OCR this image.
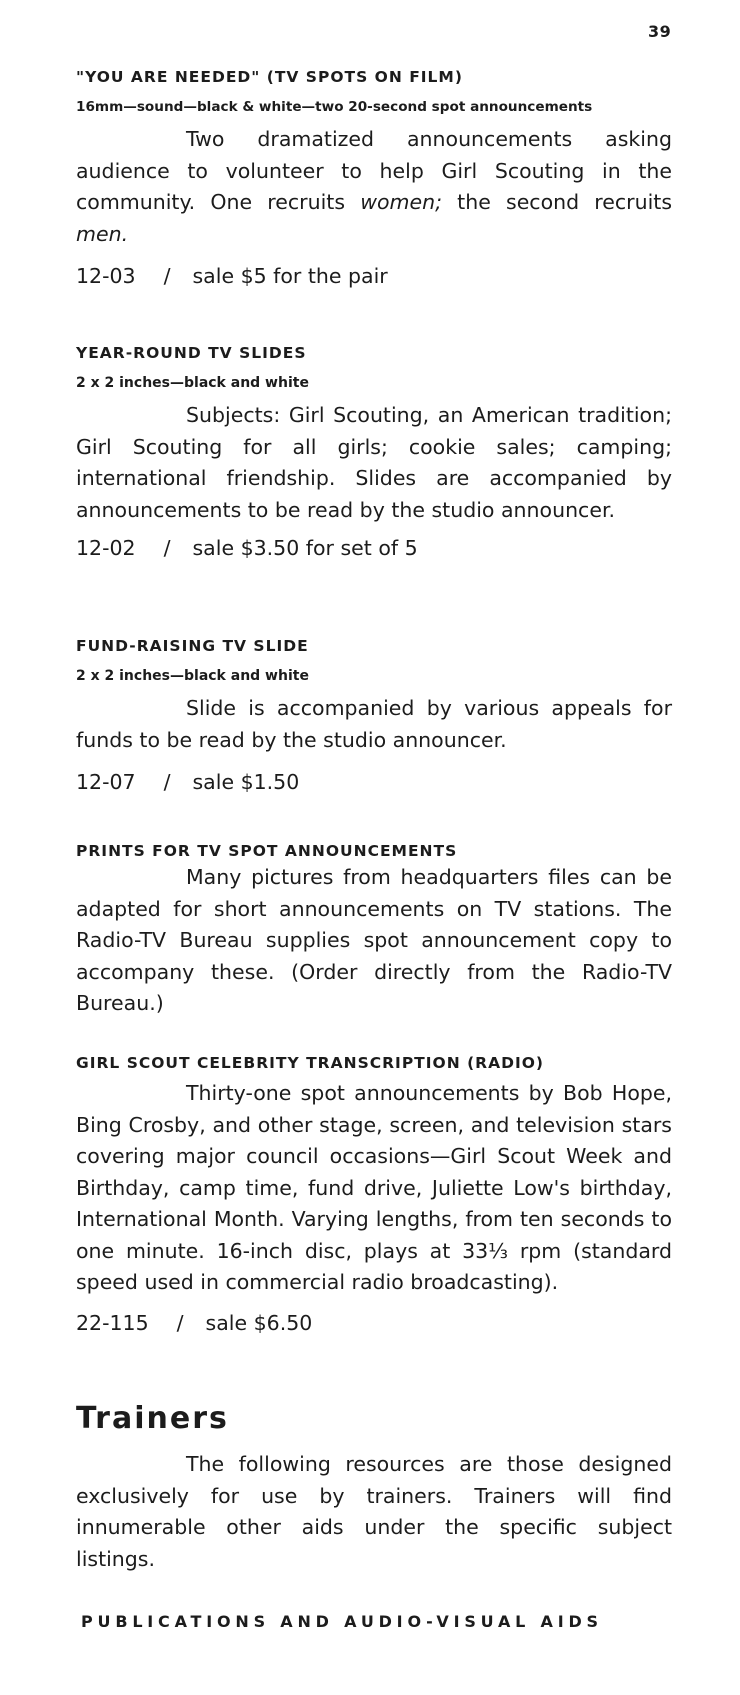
39
"YOU ARE NEEDED" (TV SPOTS ON FILM)
16mm—sound—black & white—two 20-second spot announcements

Two dramatized announcements asking audience to volunteer to help Girl Scouting in the community. One recruits women; the second recruits men.

12-03 / sale $5 for the pair
YEAR-ROUND TV SLIDES
2 x 2 inches—black and white

Subjects: Girl Scouting, an American tradition; Girl Scouting for all girls; cookie sales; camping; international friendship. Slides are accompanied by announcements to be read by the studio announcer.

12-02 / sale $3.50 for set of 5
FUND-RAISING TV SLIDE
2 x 2 inches—black and white

Slide is accompanied by various appeals for funds to be read by the studio announcer.

12-07 / sale $1.50
PRINTS FOR TV SPOT ANNOUNCEMENTS

Many pictures from headquarters files can be adapted for short announcements on TV stations. The Radio-TV Bureau supplies spot announcement copy to accompany these. (Order directly from the Radio-TV Bureau.)

GIRL SCOUT CELEBRITY TRANSCRIPTION (RADIO)

Thirty-one spot announcements by Bob Hope, Bing Crosby, and other stage, screen, and television stars covering major council occasions—Girl Scout Week and Birthday, camp time, fund drive, Juliette Low's birthday, International Month. Varying lengths, from ten seconds to one minute. 16-inch disc, plays at 33⅓ rpm (standard speed used in commercial radio broadcasting).

22-115 / sale $6.50
Trainers

The following resources are those designed exclusively for use by trainers. Trainers will find innumerable other aids under the specific subject listings.

PUBLICATIONS AND AUDIO-VISUAL AIDS
